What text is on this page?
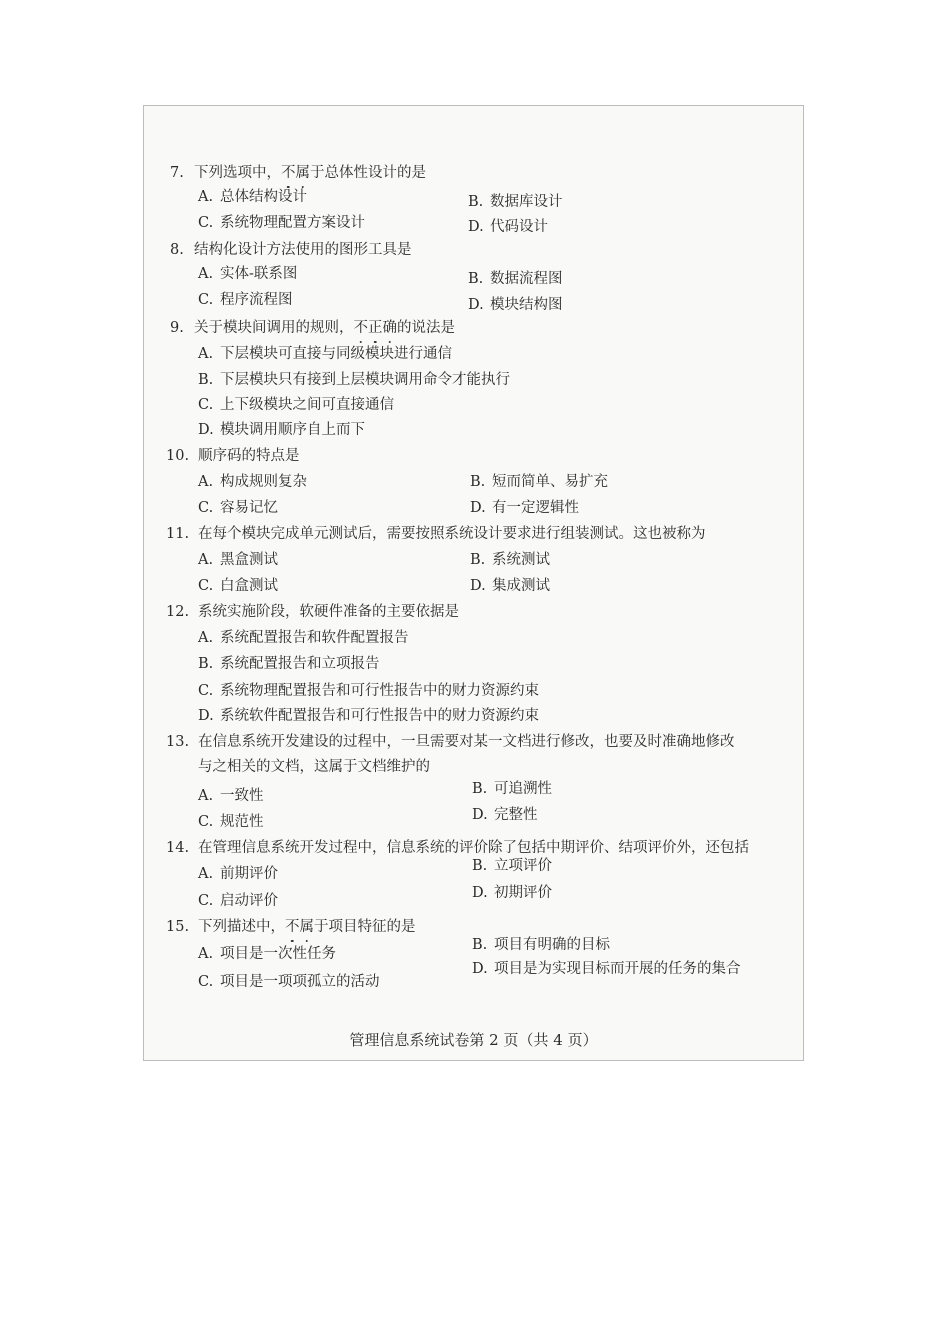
7. 下列选项中，不属于总体性设计的是
A. 总体结构设计	B. 数据库设计
C. 系统物理配置方案设计	D. 代码设计
8. 结构化设计方法使用的图形工具是
A. 实体-联系图	B. 数据流程图
C. 程序流程图	D. 模块结构图
9. 关于模块间调用的规则，不正确的说法是
A. 下层模块可直接与同级模块进行通信
B. 下层模块只有接到上层模块调用命令才能执行
C. 上下级模块之间可直接通信
D. 模块调用顺序自上而下
10. 顺序码的特点是
A. 构成规则复杂	B. 短而简单、易扩充
C. 容易记忆	D. 有一定逻辑性
11. 在每个模块完成单元测试后，需要按照系统设计要求进行组装测试。这也被称为
A. 黑盒测试	B. 系统测试
C. 白盒测试	D. 集成测试
12. 系统实施阶段，软硬件准备的主要依据是
A. 系统配置报告和软件配置报告
B. 系统配置报告和立项报告
C. 系统物理配置报告和可行性报告中的财力资源约束
D. 系统软件配置报告和可行性报告中的财力资源约束
13. 在信息系统开发建设的过程中，一旦需要对某一文档进行修改，也要及时准确地修改
与之相关的文档，这属于文档维护的
A. 一致性	B. 可追溯性
C. 规范性	D. 完整性
14. 在管理信息系统开发过程中，信息系统的评价除了包括中期评价、结项评价外，还包括
A. 前期评价	B. 立项评价
C. 启动评价	D. 初期评价
15. 下列描述中，不属于项目特征的是
A. 项目是一次性任务
B. 项目有明确的目标
C. 项目是一项项孤立的活动
D. 项目是为实现目标而开展的任务的集合
管理信息系统试卷第 2 页（共 4 页）
